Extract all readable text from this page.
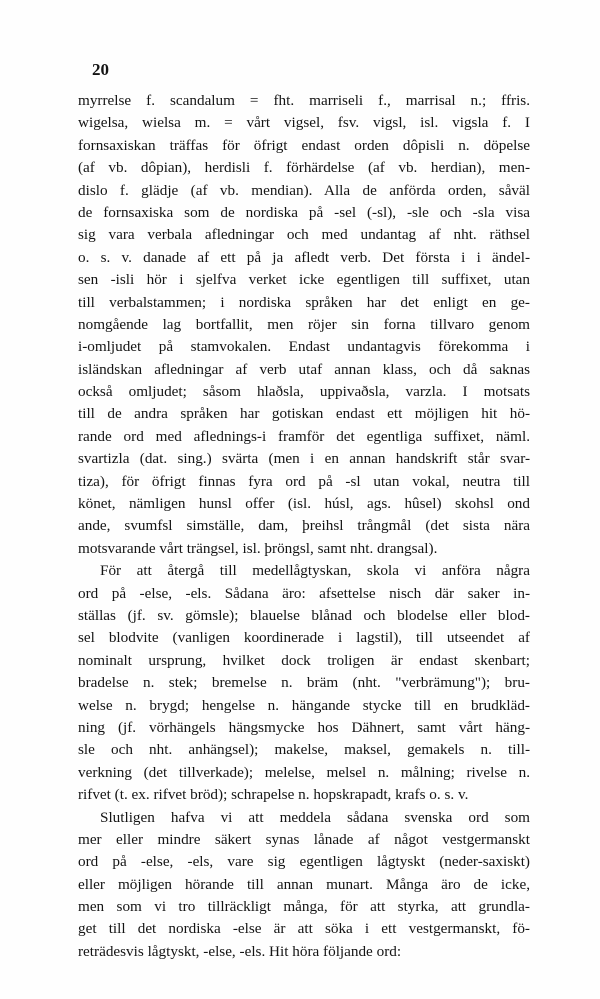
20
myrrelse f. scandalum = fht. marriseli f., marrisal n.; ffris.
wigelsa, wielsa m. = vårt vigsel, fsv. vigsl, isl. vigsla f. I
fornsaxiskan träffas för öfrigt endast orden dôpisli n. döpelse
(af vb. dôpian), herdisli f. förhärdelse (af vb. herdian), men-
dislo f. glädje (af vb. mendian). Alla de anförda orden, såväl
de fornsaxiska som de nordiska på -sel (-sl), -sle och -sla visa
sig vara verbala afledningar och med undantag af nht. räthsel
o. s. v. danade af ett på ja afledt verb. Det första i i ändel-
sen -isli hör i sjelfva verket icke egentligen till suffixet, utan
till verbalstammen; i nordiska språken har det enligt en ge-
nomgående lag bortfallit, men röjer sin forna tillvaro genom
i-omljudet på stamvokalen. Endast undantagvis förekomma i
isländskan afledningar af verb utaf annan klass, och då saknas
också omljudet; såsom hlaðsla, uppivaðsla, varzla. I motsats
till de andra språken har gotiskan endast ett möjligen hit hö-
rande ord med aflednings-i framför det egentliga suffixet, näml.
svartizla (dat. sing.) svärta (men i en annan handskrift står svar-
tiza), för öfrigt finnas fyra ord på -sl utan vokal, neutra till
könet, nämligen hunsl offer (isl. húsl, ags. hûsel) skohsl ond
ande, svumfsl simställe, dam, þreihsl trångmål (det sista nära
motsvarande vårt trängsel, isl. þröngsl, samt nht. drangsal).
För att återgå till medellågtyskan, skola vi anföra några
ord på -else, -els. Sådana äro: afsettelse nisch där saker in-
ställas (jf. sv. gömsle); blauelse blånad och blodelse eller blod-
sel blodvite (vanligen koordinerade i lagstil), till utseendet af
nominalt ursprung, hvilket dock troligen är endast skenbart;
bradelse n. stek; bremelse n. bräm (nht. "verbrämung"); bru-
welse n. brygd; hengelse n. hängande stycke till en brudkläd-
ning (jf. vörhängels hängsmycke hos Dähnert, samt vårt häng-
sle och nht. anhängsel); makelse, maksel, gemakels n. till-
verkning (det tillverkade); melelse, melsel n. målning; rivelse n.
rifvet (t. ex. rifvet bröd); schrapelse n. hopskrapadt, krafs o. s. v.
Slutligen hafva vi att meddela sådana svenska ord som
mer eller mindre säkert synas lånade af något vestgermanskt
ord på -else, -els, vare sig egentligen lågtyskt (neder-saxiskt)
eller möjligen hörande till annan munart. Många äro de icke,
men som vi tro tillräckligt många, för att styrka, att grundla-
get till det nordiska -else är att söka i ett vestgermanskt, fö-
reträdesvis lågtyskt, -else, -els. Hit höra följande ord:
